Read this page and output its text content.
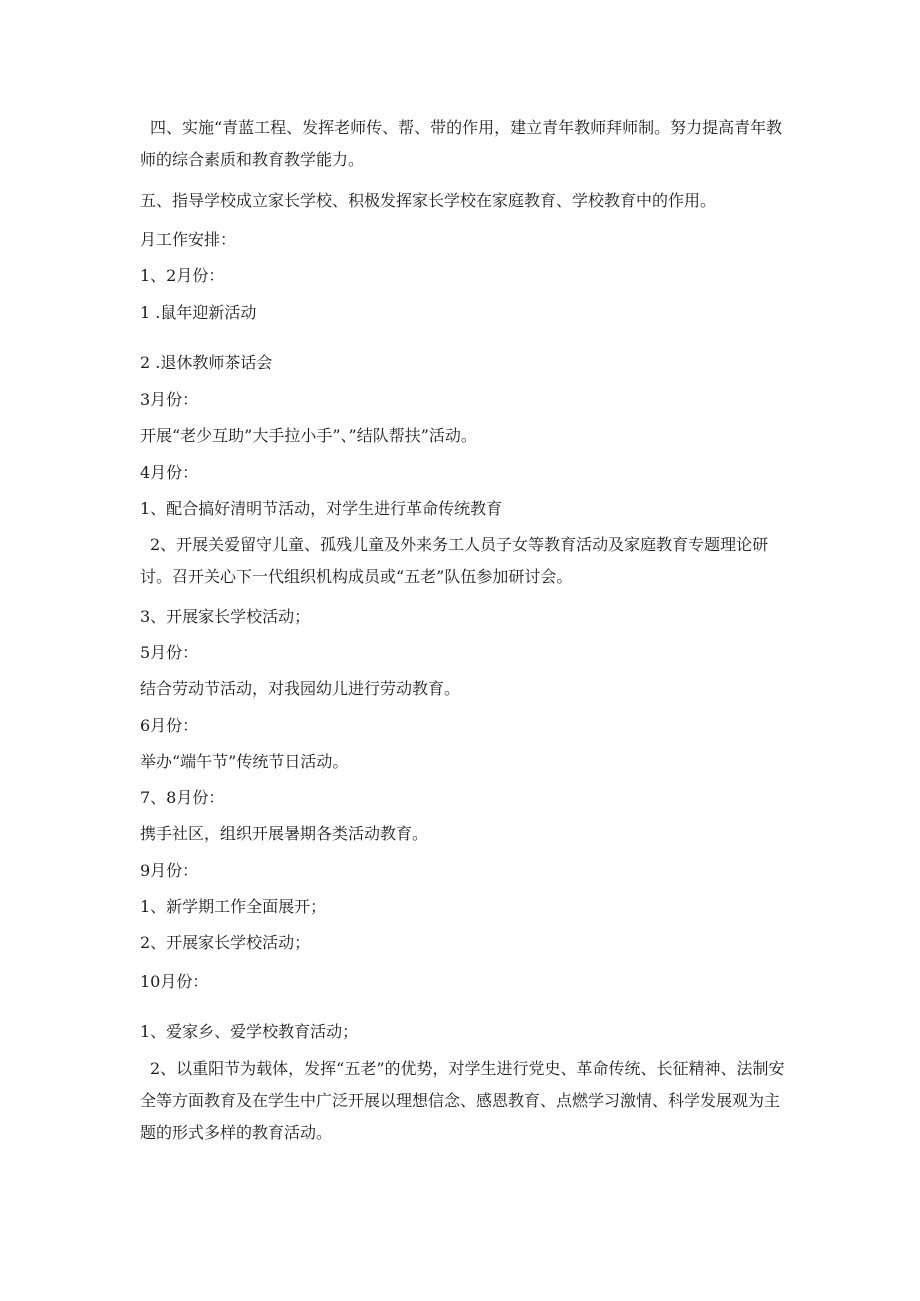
四、实施“青蓝工程、发挥老师传、帮、带的作用，建立青年教师拜师制。努力提高青年教师的综合素质和教育教学能力。

五、指导学校成立家长学校、积极发挥家长学校在家庭教育、学校教育中的作用。

月工作安排：

1、2月份：

1 .鼠年迎新活动

2 .退休教师茶话会

3月份：

开展“老少互助”大手拉小手”、”结队帮扶”活动。

4月份：

1、配合搞好清明节活动，对学生进行革命传统教育

2、开展关爱留守儿童、孤残儿童及外来务工人员子女等教育活动及家庭教育专题理论研讨。召开关心下一代组织机构成员或“五老”队伍参加研讨会。

3、开展家长学校活动；

5月份：

结合劳动节活动，对我园幼儿进行劳动教育。

6月份：

举办“端午节”传统节日活动。

7、8月份：

携手社区，组织开展暑期各类活动教育。

9月份：

1、新学期工作全面展开；

2、开展家长学校活动；

10月份：

1、爱家乡、爱学校教育活动；

2、以重阳节为载体，发挥“五老”的优势，对学生进行党史、革命传统、长征精神、法制安全等方面教育及在学生中广泛开展以理想信念、感恩教育、点燃学习激情、科学发展观为主题的形式多样的教育活动。
